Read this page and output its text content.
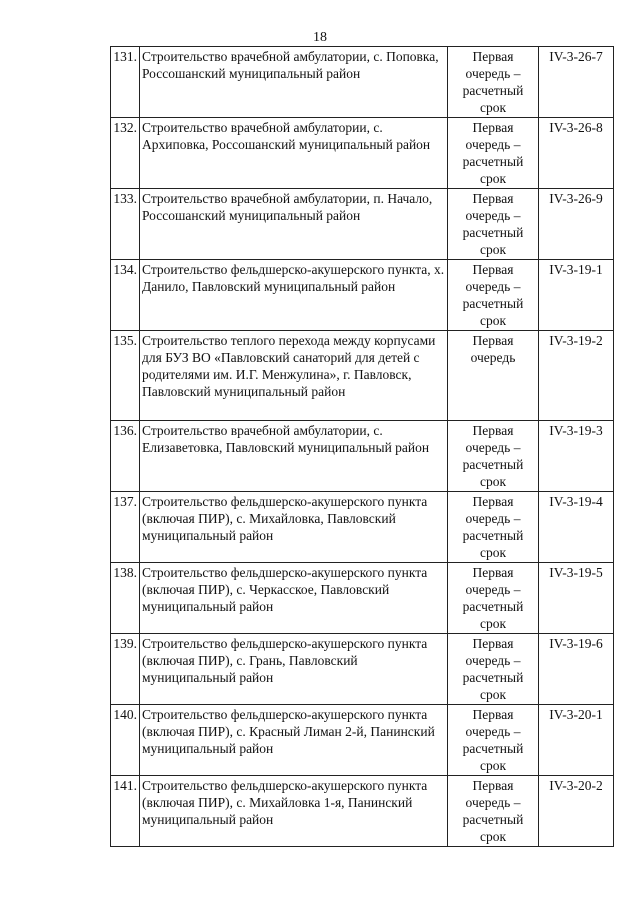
18
131.	Строительство врачебной амбулатории, с. Поповка, Россошанский муниципальный район	Первая очередь – расчетный срок	IV-3-26-7
132.	Строительство врачебной амбулатории, с. Архиповка, Россошанский муниципальный район	Первая очередь – расчетный срок	IV-3-26-8
133.	Строительство врачебной амбулатории, п. Начало, Россошанский муниципальный район	Первая очередь – расчетный срок	IV-3-26-9
134.	Строительство фельдшерско-акушерского пункта, х. Данило, Павловский муниципальный район	Первая очередь – расчетный срок	IV-3-19-1
135.	Строительство теплого перехода между корпусами для БУЗ ВО «Павловский санаторий для детей с родителями им. И.Г. Менжулина», г. Павловск, Павловский муниципальный район	Первая очередь	IV-3-19-2
136.	Строительство врачебной амбулатории, с. Елизаветовка, Павловский муниципальный район	Первая очередь – расчетный срок	IV-3-19-3
137.	Строительство фельдшерско-акушерского пункта (включая ПИР), с. Михайловка, Павловский муниципальный район	Первая очередь – расчетный срок	IV-3-19-4
138.	Строительство фельдшерско-акушерского пункта (включая ПИР), с. Черкасское, Павловский муниципальный район	Первая очередь – расчетный срок	IV-3-19-5
139.	Строительство фельдшерско-акушерского пункта (включая ПИР), с. Грань, Павловский муниципальный район	Первая очередь – расчетный срок	IV-3-19-6
140.	Строительство фельдшерско-акушерского пункта (включая ПИР), с. Красный Лиман 2-й, Панинский муниципальный район	Первая очередь – расчетный срок	IV-3-20-1
141.	Строительство фельдшерско-акушерского пункта (включая ПИР), с. Михайловка 1-я, Панинский муниципальный район	Первая очередь – расчетный срок	IV-3-20-2
